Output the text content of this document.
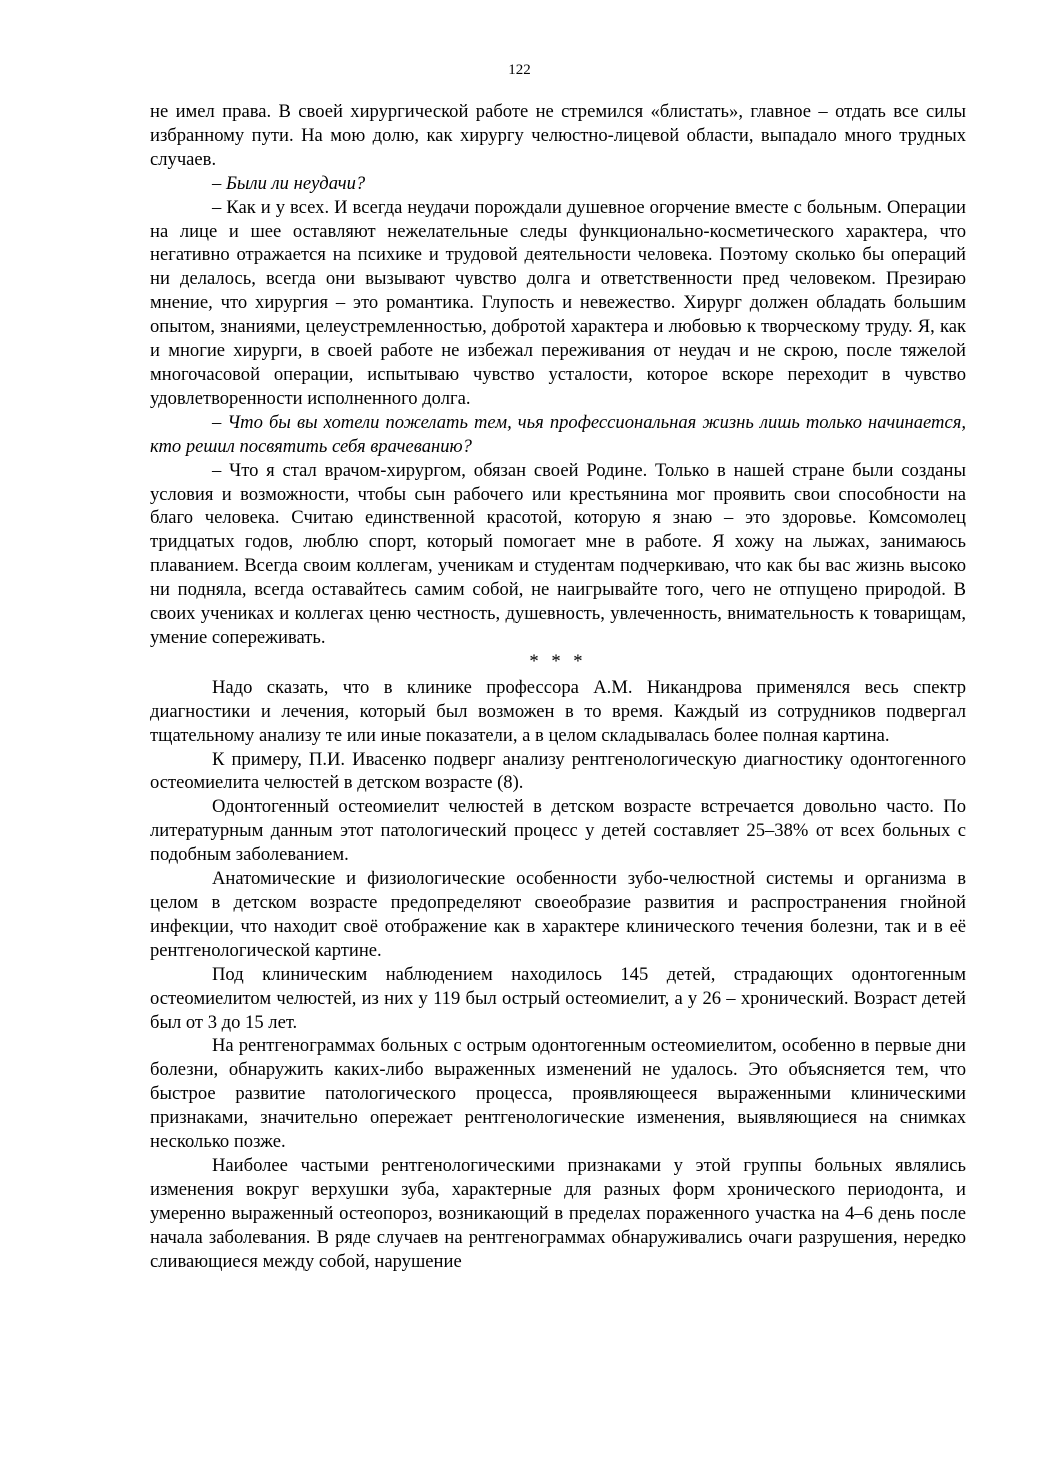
122

не имел права. В своей хирургической работе не стремился «блистать», главное – отдать все силы избранному пути. На мою долю, как хирургу челюстно-лицевой области, выпадало много трудных случаев.

– Были ли неудачи?

– Как и у всех. И всегда неудачи порождали душевное огорчение вместе с больным. Операции на лице и шее оставляют нежелательные следы функционально-косметического характера, что негативно отражается на психике и трудовой деятельности человека. Поэтому сколько бы операций ни делалось, всегда они вызывают чувство долга и ответственности пред человеком. Презираю мнение, что хирургия – это романтика. Глупость и невежество. Хирург должен обладать большим опытом, знаниями, целеустремленностью, добротой характера и любовью к творческому труду. Я, как и многие хирурги, в своей работе не избежал переживания от неудач и не скрою, после тяжелой многочасовой операции, испытываю чувство усталости, которое вскоре переходит в чувство удовлетворенности исполненного долга.

– Что бы вы хотели пожелать тем, чья профессиональная жизнь лишь только начинается, кто решил посвятить себя врачеванию?

– Что я стал врачом-хирургом, обязан своей Родине. Только в нашей стране были созданы условия и возможности, чтобы сын рабочего или крестьянина мог проявить свои способности на благо человека. Считаю единственной красотой, которую я знаю – это здоровье. Комсомолец тридцатых годов, люблю спорт, который помогает мне в работе. Я хожу на лыжах, занимаюсь плаванием. Всегда своим коллегам, ученикам и студентам подчеркиваю, что как бы вас жизнь высоко ни подняла, всегда оставайтесь самим собой, не наигрывайте того, чего не отпущено природой. В своих учениках и коллегах ценю честность, душевность, увлеченность, внимательность к товарищам, умение сопереживать.

* * *

Надо сказать, что в клинике профессора А.М. Никандрова применялся весь спектр диагностики и лечения, который был возможен в то время. Каждый из сотрудников подвергал тщательному анализу те или иные показатели, а в целом складывалась более полная картина.

К примеру, П.И. Ивасенко подверг анализу рентгенологическую диагностику одонтогенного остеомиелита челюстей в детском возрасте (8).

Одонтогенный остеомиелит челюстей в детском возрасте встречается довольно часто. По литературным данным этот патологический процесс у детей составляет 25–38% от всех больных с подобным заболеванием.

Анатомические и физиологические особенности зубо-челюстной системы и организма в целом в детском возрасте предопределяют своеобразие развития и распространения гнойной инфекции, что находит своё отображение как в характере клинического течения болезни, так и в её рентгенологической картине.

Под клиническим наблюдением находилось 145 детей, страдающих одонтогенным остеомиелитом челюстей, из них у 119 был острый остеомиелит, а у 26 – хронический. Возраст детей был от 3 до 15 лет.

На рентгенограммах больных с острым одонтогенным остеомиелитом, особенно в первые дни болезни, обнаружить каких-либо выраженных изменений не удалось. Это объясняется тем, что быстрое развитие патологического процесса, проявляющееся выраженными клиническими признаками, значительно опережает рентгенологические изменения, выявляющиеся на снимках несколько позже.

Наиболее частыми рентгенологическими признаками у этой группы больных являлись изменения вокруг верхушки зуба, характерные для разных форм хронического периодонта, и умеренно выраженный остеопороз, возникающий в пределах пораженного участка на 4–6 день после начала заболевания. В ряде случаев на рентгенограммах обнаруживались очаги разрушения, нередко сливающиеся между собой, нарушение
